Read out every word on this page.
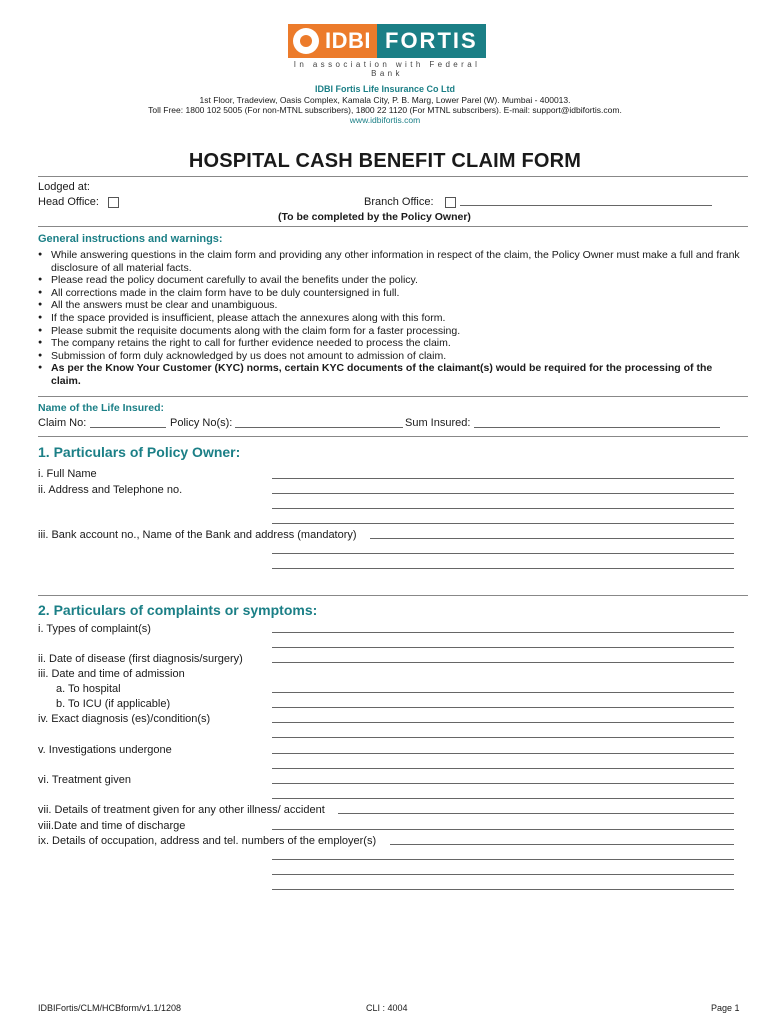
IDBI FORTIS
In association with Federal Bank
IDBI Fortis Life Insurance Co Ltd
1st Floor, Tradeview, Oasis Complex, Kamala City, P. B. Marg, Lower Parel (W). Mumbai - 400013.
Toll Free: 1800 102 5005 (For non-MTNL subscribers), 1800 22 1120 (For MTNL subscribers). E-mail: support@idbifortis.com.
www.idbifortis.com
HOSPITAL CASH BENEFIT CLAIM FORM
Lodged at:
Head Office:	Branch Office:
(To be completed by the Policy Owner)
General instructions and warnings:
● While answering questions in the claim form and providing any other information in respect of the claim, the Policy Owner must make a full and frank disclosure of all material facts.
● Please read the policy document carefully to avail the benefits under the policy.
● All corrections made in the claim form have to be duly countersigned in full.
● All the answers must be clear and unambiguous.
● If the space provided is insufficient, please attach the annexures along with this form.
● Please submit the requisite documents along with the claim form for a faster processing.
● The company retains the right to call for further evidence needed to process the claim.
● Submission of form duly acknowledged by us does not amount to admission of claim.
● As per the Know Your Customer (KYC) norms, certain KYC documents of the claimant(s) would be required for the processing of the claim.
Name of the Life Insured:
Claim No:	Policy No(s):	Sum Insured:
1. Particulars of Policy Owner:
i. Full Name
ii. Address and Telephone no.
iii. Bank account no., Name of the Bank and address (mandatory)
2. Particulars of complaints or symptoms:
i. Types of complaint(s)
ii. Date of disease (first diagnosis/surgery)
iii. Date and time of admission
a. To hospital
b. To ICU (if applicable)
iv. Exact diagnosis (es)/condition(s)
v. Investigations undergone
vi. Treatment given
vii. Details of treatment given for any other illness/ accident
viii.Date and time of discharge
ix. Details of occupation, address and tel. numbers of the employer(s)
IDBIFortis/CLM/HCBform/v1.1/1208	CLI : 4004	Page 1
